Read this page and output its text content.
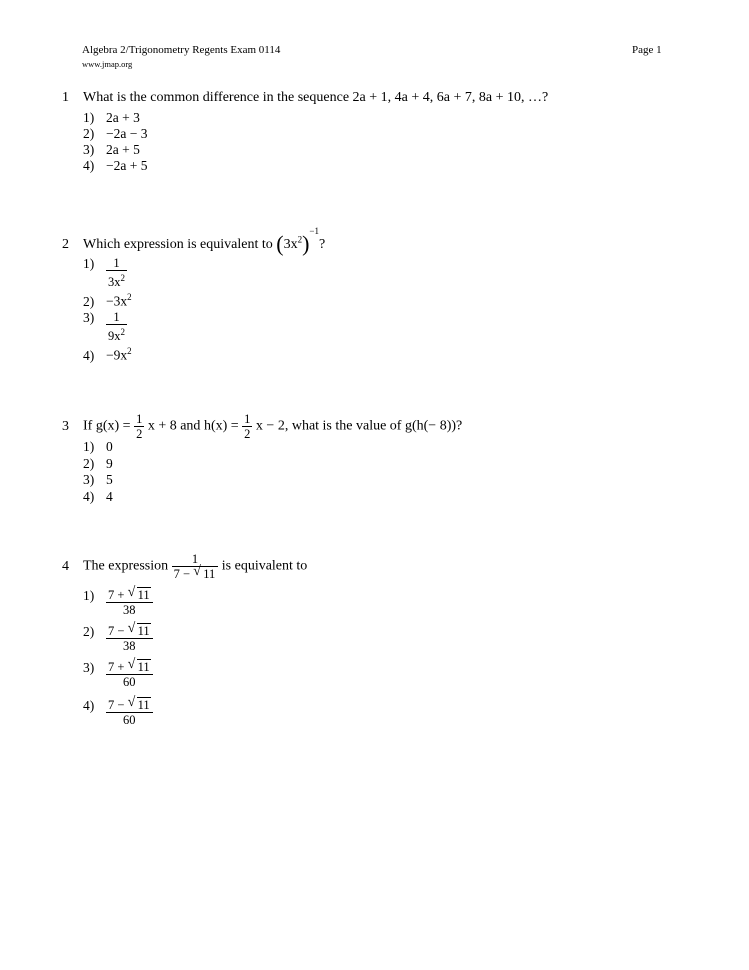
Algebra 2/Trigonometry Regents Exam 0114
www.jmap.org
Page 1
1 What is the common difference in the sequence 2a + 1, 4a + 4, 6a + 7, 8a + 10, …?
1) 2a + 3
2) −2a − 3
3) 2a + 5
4) −2a + 5
2 Which expression is equivalent to $(3x^2)^{-1}$?
$1) \frac{1}{3x^2}$
$2) -3x^2$
$3) \frac{1}{9x^2}$
$4) -9x^2$
3 If $g(x) = \frac{1}{2}$ x + 8 and $h(x) = \frac{1}{2}$ x − 2, what is the value of g(h(− 8))?
1) 0
2) 9
3) 5
4) 4
4 The expression $\frac{1}{7 - √ 11}$ is equivalent to
$1) \frac{7 + √ 11}{38}$
$2) \frac{7 - √ 11}{38}$
$3) \frac{7 + √ 11}{60}$
$4) \frac{7 - √ 11}{60}$
